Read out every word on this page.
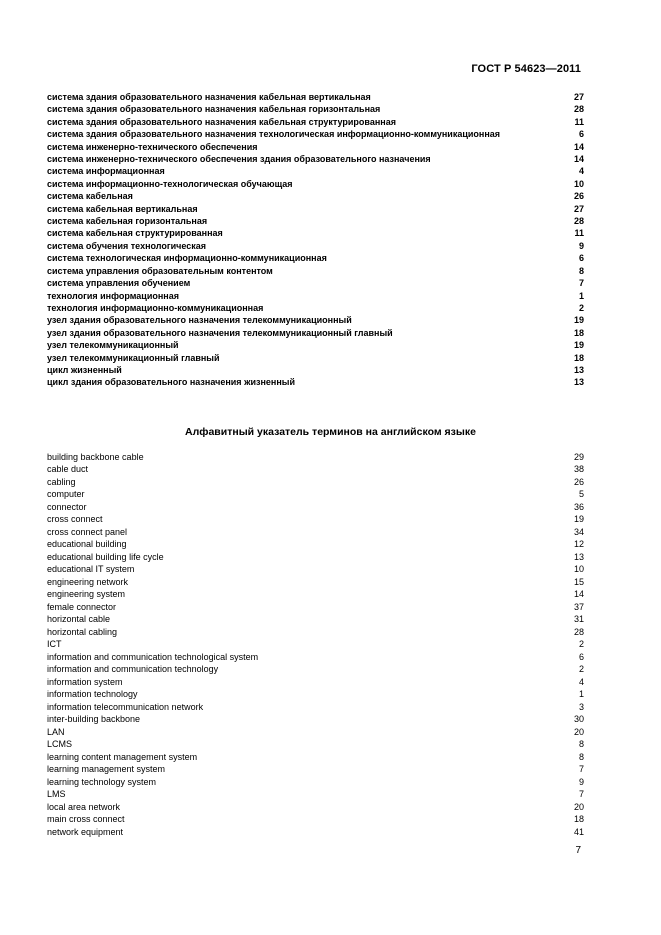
ГОСТ Р 54623—2011
система здания образовательного назначения кабельная вертикальная	27
система здания образовательного назначения кабельная горизонтальная	28
система здания образовательного назначения кабельная структурированная	11
система здания образовательного назначения технологическая информационно-коммуникационная	6
система инженерно-технического обеспечения	14
система инженерно-технического обеспечения здания образовательного назначения	14
система информационная	4
система информационно-технологическая обучающая	10
система кабельная	26
система кабельная вертикальная	27
система кабельная горизонтальная	28
система кабельная структурированная	11
система обучения технологическая	9
система технологическая информационно-коммуникационная	6
система управления образовательным контентом	8
система управления обучением	7
технология информационная	1
технология информационно-коммуникационная	2
узел здания образовательного назначения телекоммуникационный	19
узел здания образовательного назначения телекоммуникационный главный	18
узел телекоммуникационный	19
узел телекоммуникационный главный	18
цикл жизненный	13
цикл здания образовательного назначения жизненный	13
Алфавитный указатель терминов на английском языке
building backbone cable	29
cable duct	38
cabling	26
computer	5
connector	36
cross connect	19
cross connect panel	34
educational building	12
educational building life cycle	13
educational IT system	10
engineering network	15
engineering system	14
female connector	37
horizontal cable	31
horizontal cabling	28
ICT	2
information and communication technological system	6
information and communication technology	2
information system	4
information technology	1
information telecommunication network	3
inter-building backbone	30
LAN	20
LCMS	8
learning content management system	8
learning management system	7
learning technology system	9
LMS	7
local area network	20
main cross connect	18
network equipment	41
7
